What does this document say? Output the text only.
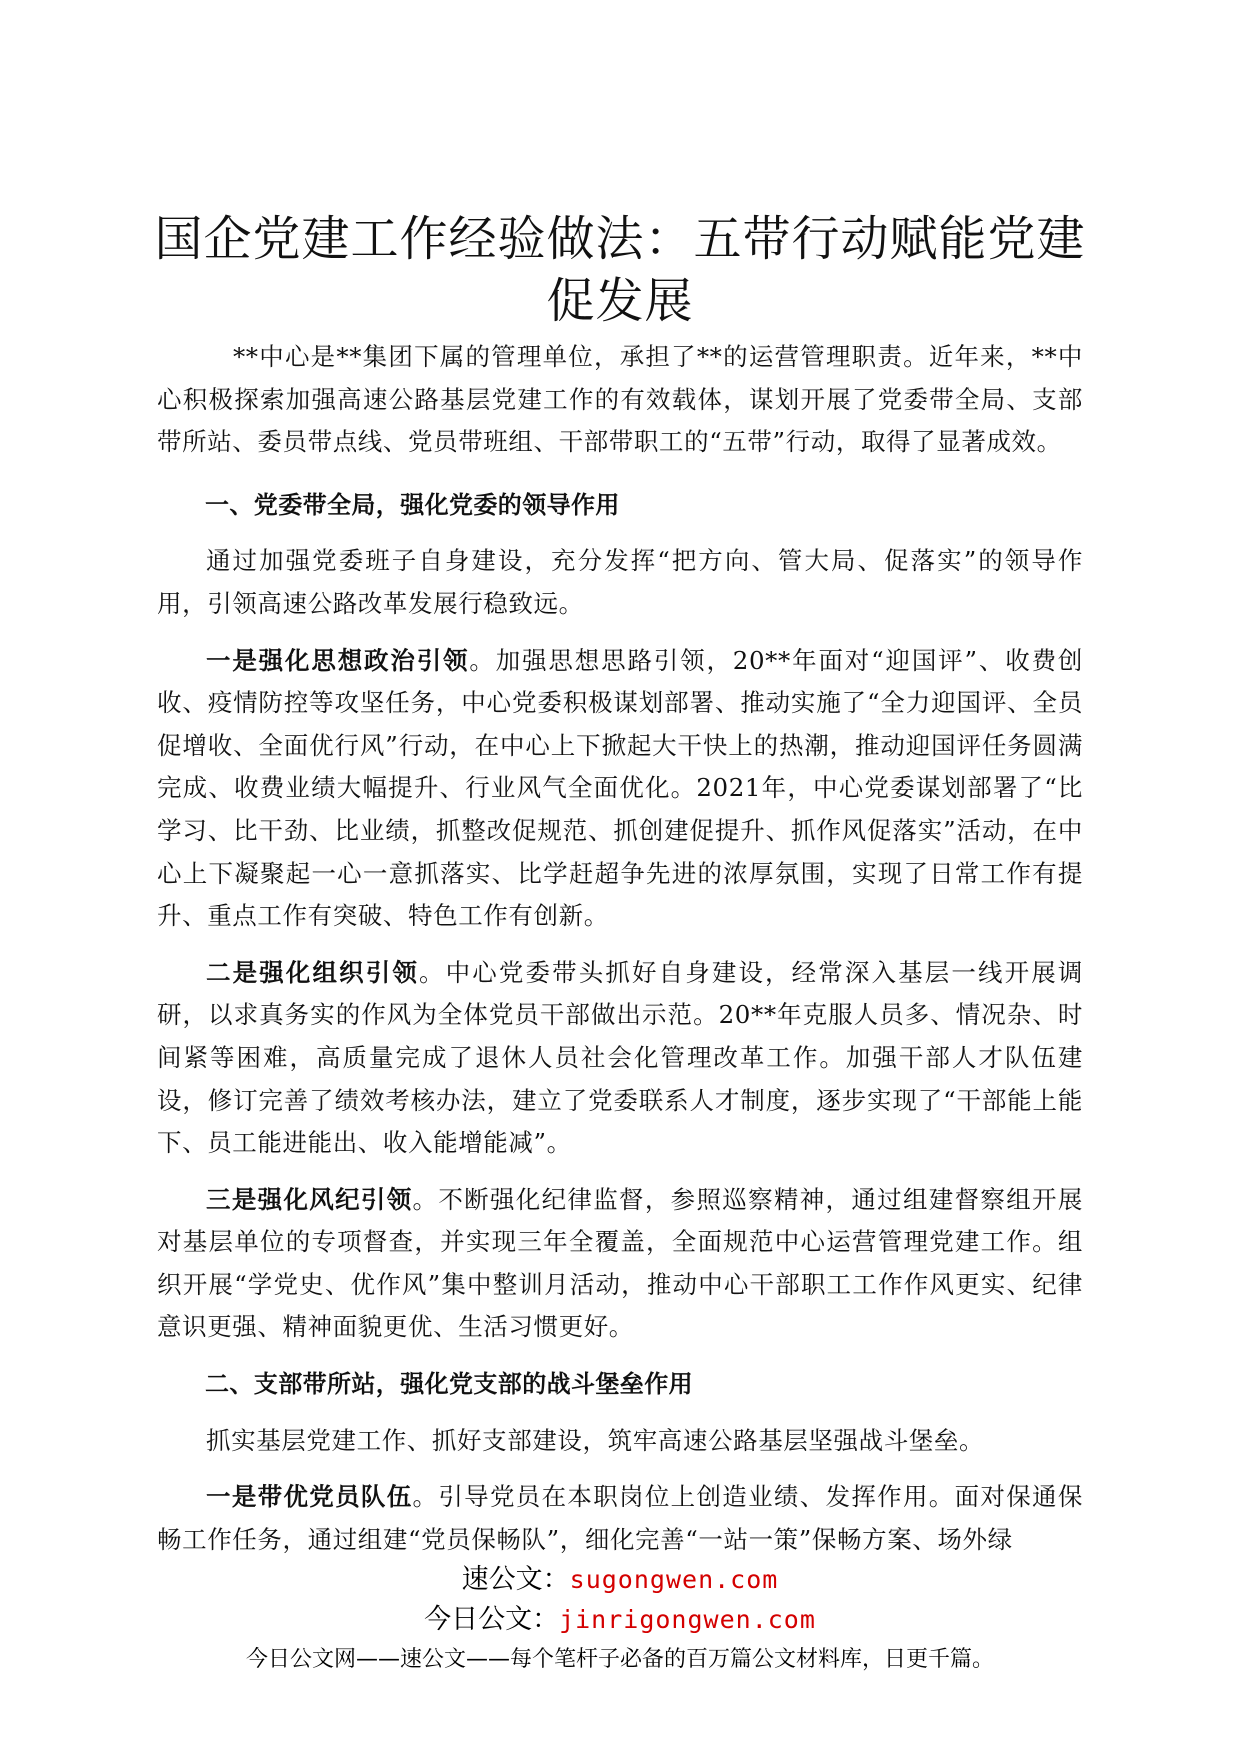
国企党建工作经验做法：五带行动赋能党建促发展

**中心是**集团下属的管理单位，承担了**的运营管理职责。近年来，**中心积极探索加强高速公路基层党建工作的有效载体，谋划开展了党委带全局、支部带所站、委员带点线、党员带班组、干部带职工的“五带”行动，取得了显著成效。

一、党委带全局，强化党委的领导作用

通过加强党委班子自身建设，充分发挥“把方向、管大局、促落实”的领导作用，引领高速公路改革发展行稳致远。

一是强化思想政治引领。加强思想思路引领，20**年面对“迎国评”、收费创收、疫情防控等攻坚任务，中心党委积极谋划部署、推动实施了“全力迎国评、全员促增收、全面优行风”行动，在中心上下掀起大干快上的热潮，推动迎国评任务圆满完成、收费业绩大幅提升、行业风气全面优化。2021年，中心党委谋划部署了“比学习、比干劲、比业绩，抓整改促规范、抓创建促提升、抓作风促落实”活动，在中心上下凝聚起一心一意抓落实、比学赶超争先进的浓厚氛围，实现了日常工作有提升、重点工作有突破、特色工作有创新。

二是强化组织引领。中心党委带头抓好自身建设，经常深入基层一线开展调研，以求真务实的作风为全体党员干部做出示范。20**年克服人员多、情况杂、时间紧等困难，高质量完成了退休人员社会化管理改革工作。加强干部人才队伍建设，修订完善了绩效考核办法，建立了党委联系人才制度，逐步实现了“干部能上能下、员工能进能出、收入能增能减”。

三是强化风纪引领。不断强化纪律监督，参照巡察精神，通过组建督察组开展对基层单位的专项督查，并实现三年全覆盖，全面规范中心运营管理党建工作。组织开展“学党史、优作风”集中整训月活动，推动中心干部职工工作作风更实、纪律意识更强、精神面貌更优、生活习惯更好。

二、支部带所站，强化党支部的战斗堡垒作用

抓实基层党建工作、抓好支部建设，筑牢高速公路基层坚强战斗堡垒。

一是带优党员队伍。引导党员在本职岗位上创造业绩、发挥作用。面对保通保畅工作任务，通过组建“党员保畅队”，细化完善“一站一策”保畅方案、场外绿

速公文：sugongwen.com
今日公文：jinrigongwen.com
今日公文网——速公文——每个笔杆子必备的百万篇公文材料库，日更千篇。
